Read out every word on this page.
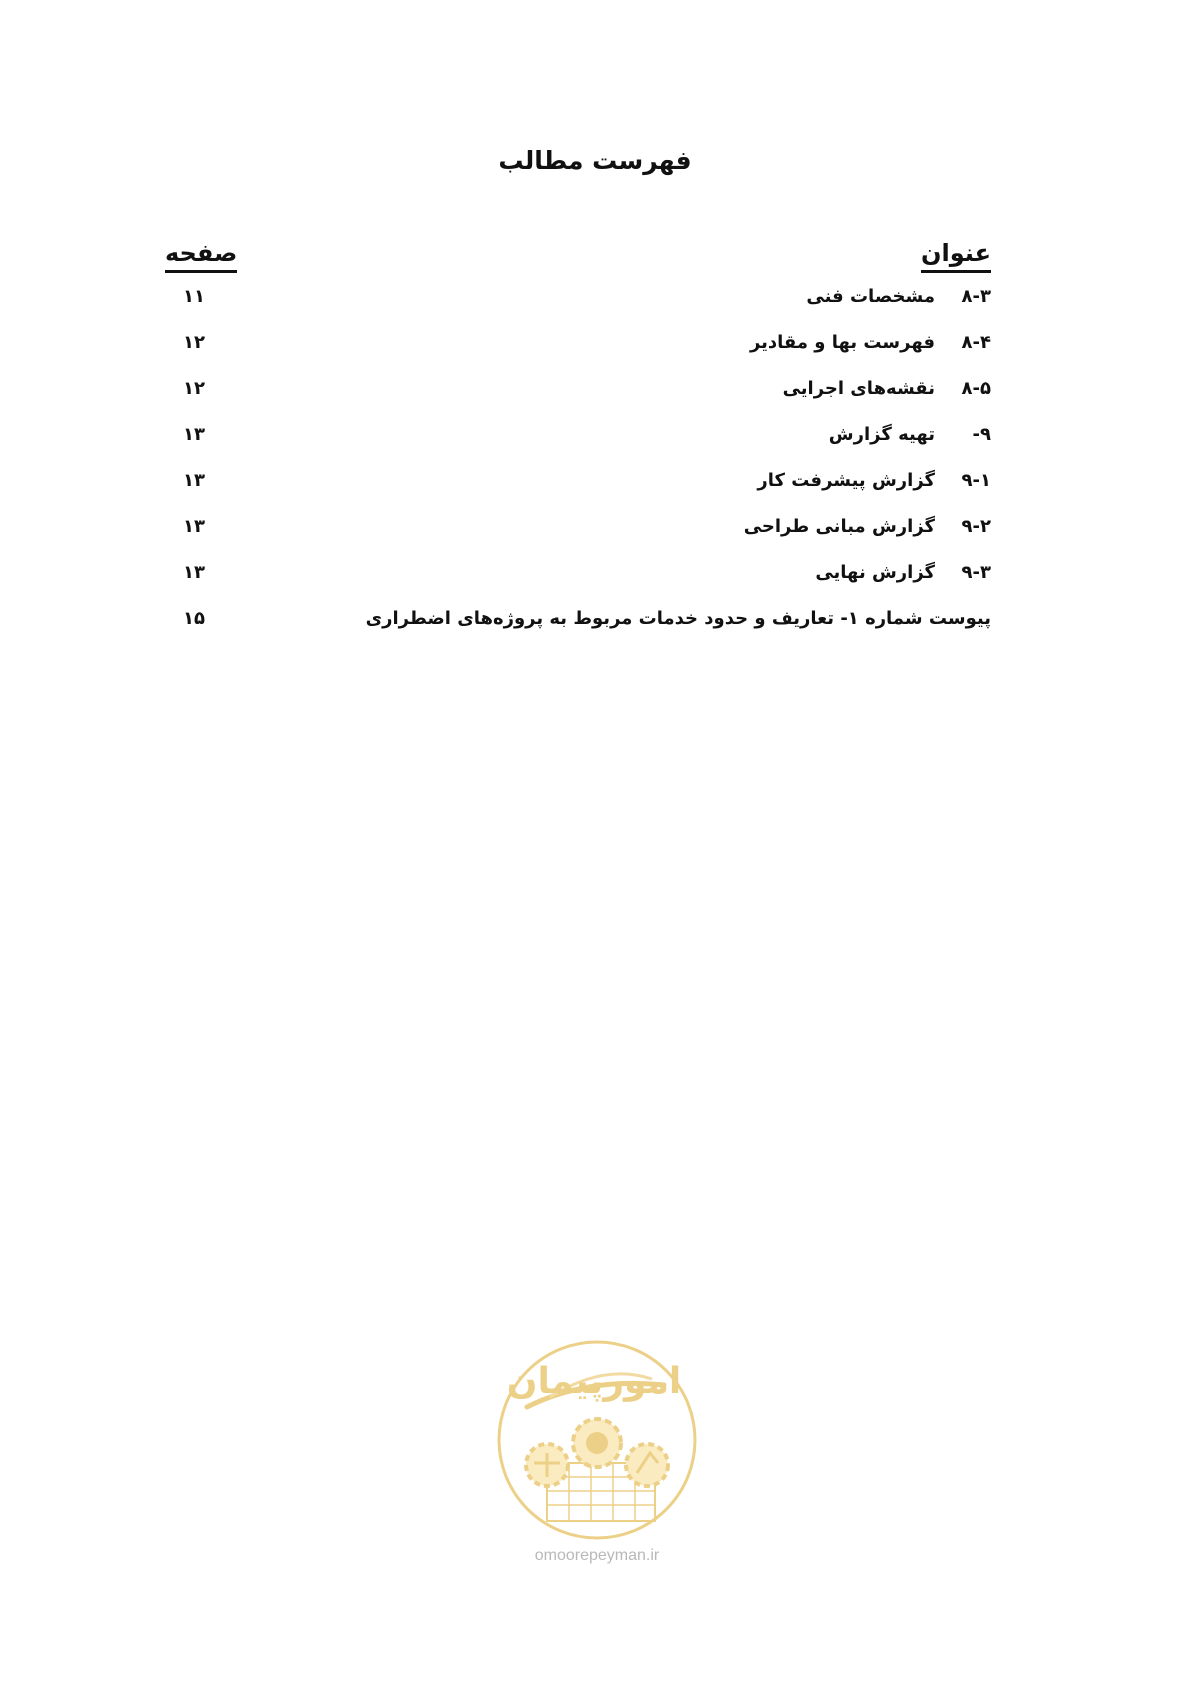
فهرست مطالب
عنوان
صفحه
۸-۳مشخصات فنی
۱۱
۸-۴فهرست بها و مقادیر
۱۲
۸-۵نقشه‌های اجرایی
۱۲
۹-تهیه گزارش
۱۳
۹-۱گزارش پیشرفت کار
۱۳
۹-۲گزارش مبانی طراحی
۱۳
۹-۳گزارش نهایی
۱۳
پیوست شماره ۱- تعاریف و حدود خدمات مربوط به پروژه‌های اضطراری
۱۵
امورپیمان
omoorepeyman.ir
